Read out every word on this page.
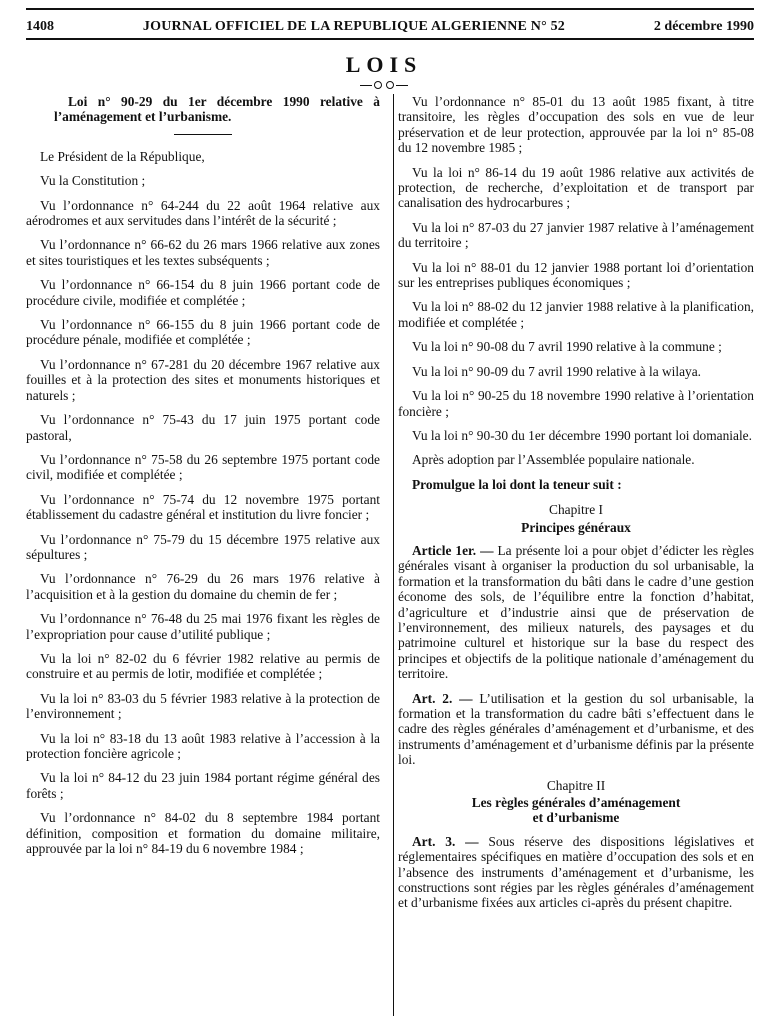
1408	JOURNAL OFFICIEL DE LA REPUBLIQUE ALGERIENNE N° 52	2 décembre 1990
LOIS

Loi n° 90-29 du 1er décembre 1990 relative à l’aménagement et l’urbanisme.

Le Président de la République,

Vu la Constitution ;

Vu l’ordonnance n° 64-244 du 22 août 1964 relative aux aérodromes et aux servitudes dans l’intérêt de la sécurité ;

Vu l’ordonnance n° 66-62 du 26 mars 1966 relative aux zones et sites touristiques et les textes subséquents ;

Vu l’ordonnance n° 66-154 du 8 juin 1966 portant code de procédure civile, modifiée et complétée ;

Vu l’ordonnance n° 66-155 du 8 juin 1966 portant code de procédure pénale, modifiée et complétée ;

Vu l’ordonnance n° 67-281 du 20 décembre 1967 relative aux fouilles et à la protection des sites et monuments historiques et naturels ;

Vu l’ordonnance n° 75-43 du 17 juin 1975 portant code pastoral,

Vu l’ordonnance n° 75-58 du 26 septembre 1975 portant code civil, modifiée et complétée ;

Vu l’ordonnance n° 75-74 du 12 novembre 1975 portant établissement du cadastre général et institution du livre foncier ;

Vu l’ordonnance n° 75-79 du 15 décembre 1975 relative aux sépultures ;

Vu l’ordonnance n° 76-29 du 26 mars 1976 relative à l’acquisition et à la gestion du domaine du chemin de fer ;

Vu l’ordonnance n° 76-48 du 25 mai 1976 fixant les règles de l’expropriation pour cause d’utilité publique ;

Vu la loi n° 82-02 du 6 février 1982 relative au permis de construire et au permis de lotir, modifiée et complétée ;

Vu la loi n° 83-03 du 5 février 1983 relative à la protection de l’environnement ;

Vu la loi n° 83-18 du 13 août 1983 relative à l’accession à la protection foncière agricole ;

Vu la loi n° 84-12 du 23 juin 1984 portant régime général des forêts ;

Vu l’ordonnance n° 84-02 du 8 septembre 1984 portant définition, composition et formation du domaine militaire, approuvée par la loi n° 84-19 du 6 novembre 1984 ;

Vu l’ordonnance n° 85-01 du 13 août 1985 fixant, à titre transitoire, les règles d’occupation des sols en vue de leur préservation et de leur protection, approuvée par la loi n° 85-08 du 12 novembre 1985 ;

Vu la loi n° 86-14 du 19 août 1986 relative aux activités de protection, de recherche, d’exploitation et de transport par canalisation des hydrocarbures ;

Vu la loi n° 87-03 du 27 janvier 1987 relative à l’aménagement du territoire ;

Vu la loi n° 88-01 du 12 janvier 1988 portant loi d’orientation sur les entreprises publiques économiques ;

Vu la loi n° 88-02 du 12 janvier 1988 relative à la planification, modifiée et complétée ;

Vu la loi n° 90-08 du 7 avril 1990 relative à la commune ;

Vu la loi n° 90-09 du 7 avril 1990 relative à la wilaya.

Vu la loi n° 90-25 du 18 novembre 1990 relative à l’orientation foncière ;

Vu la loi n° 90-30 du 1er décembre 1990 portant loi domaniale.

Après adoption par l’Assemblée populaire nationale.

Promulgue la loi dont la teneur suit :

Chapitre I
Principes généraux

Article 1er. — La présente loi a pour objet d’édicter les règles générales visant à organiser la production du sol urbanisable, la formation et la transformation du bâti dans le cadre d’une gestion économe des sols, de l’équilibre entre la fonction d’habitat, d’agriculture et d’industrie ainsi que de préservation de l’environnement, des milieux naturels, des paysages et du patrimoine culturel et historique sur la base du respect des principes et objectifs de la politique nationale d’aménagement du territoire.

Art. 2. — L’utilisation et la gestion du sol urbanisable, la formation et la transformation du cadre bâti s’effectuent dans le cadre des règles générales d’aménagement et d’urbanisme, et des instruments d’aménagement et d’urbanisme définis par la présente loi.

Chapitre II
Les règles générales d’aménagement
et d’urbanisme

Art. 3. — Sous réserve des dispositions législatives et réglementaires spécifiques en matière d’occupation des sols et en l’absence des instruments d’aménagement et d’urbanisme, les constructions sont régies par les règles générales d’aménagement et d’urbanisme fixées aux articles ci-après du présent chapitre.
